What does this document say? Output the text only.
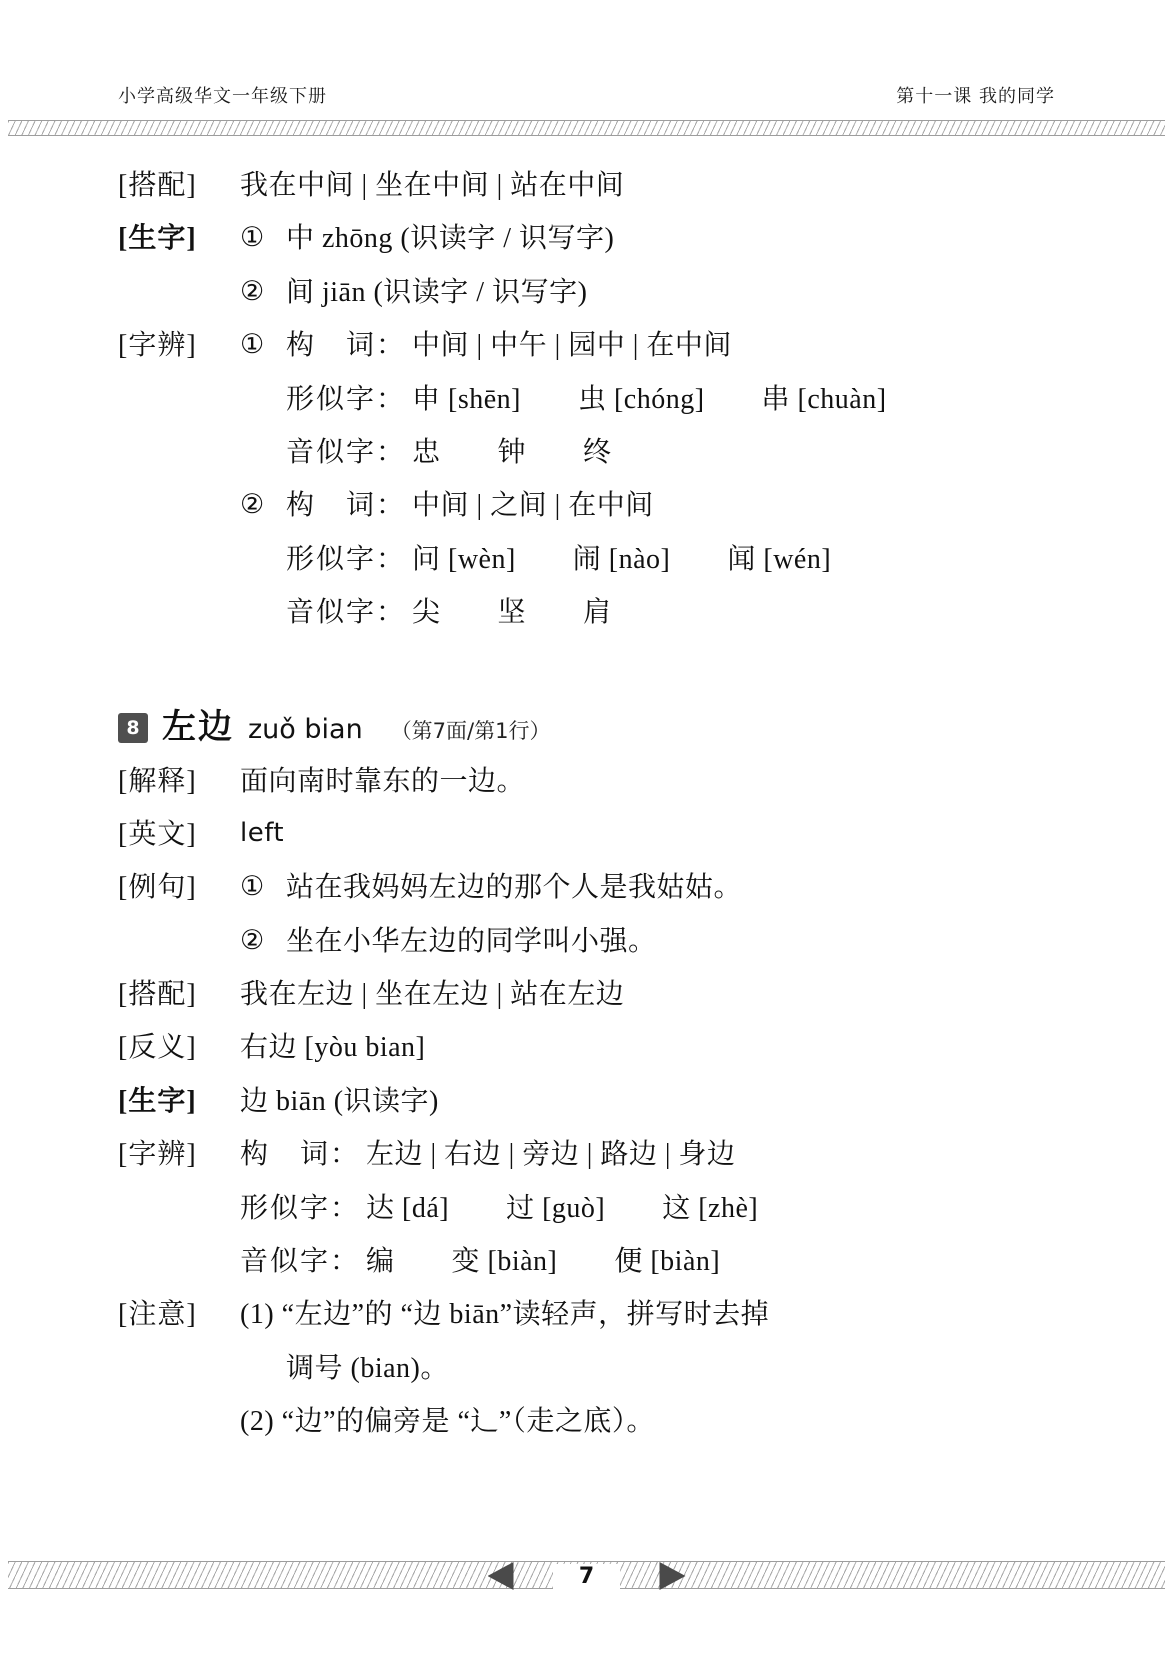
小学高级华文一年级下册	第十一课 我的同学
[搭配]	我在中间 | 坐在中间 | 站在中间
[生字]	① 中 zhōng (识读字 / 识写字)
② 间 jiān (识读字 / 识写字)
[字辨]	① 构　词： 中间 | 中午 | 园中 | 在中间
形似字： 申 [shēn]　　虫 [chóng]　　串 [chuàn]
音似字： 忠　　钟　　终
② 构　词： 中间 | 之间 | 在中间
形似字： 问 [wèn]　　闹 [nào]　　闻 [wén]
音似字： 尖　　坚　　肩
8 左边 zuǒ bian （第7面/第1行）
[解释]	面向南时靠东的一边。
[英文]	left
[例句]	① 站在我妈妈左边的那个人是我姑姑。
② 坐在小华左边的同学叫小强。
[搭配]	我在左边 | 坐在左边 | 站在左边
[反义]	右边 [yòu bian]
[生字]	边 biān (识读字)
[字辨]	构　词： 左边 | 右边 | 旁边 | 路边 | 身边
形似字： 达 [dá]　　过 [guò]　　这 [zhè]
音似字： 编　　变 [biàn]　　便 [biàn]
[注意]	(1) “左边”的 “边 biān”读轻声，拼写时去掉
调号 (bian)。
(2) “边”的偏旁是 “辶”（走之底）。
7
